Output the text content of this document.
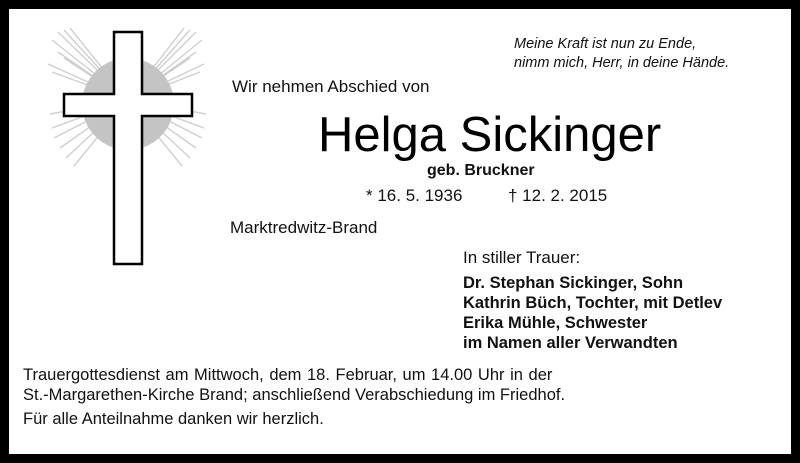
Meine Kraft ist nun zu Ende,
nimm mich, Herr, in deine Hände.
Wir nehmen Abschied von
Helga Sickinger
geb. Bruckner
* 16. 5. 1936	† 12. 2. 2015
Marktredwitz-Brand
In stiller Trauer:
Dr. Stephan Sickinger, Sohn
Kathrin Büch, Tochter, mit Detlev
Erika Mühle, Schwester
im Namen aller Verwandten
Trauergottesdienst am Mittwoch, dem 18. Februar, um 14.00 Uhr in der
St.-Margarethen-Kirche Brand; anschließend Verabschiedung im Friedhof.
Für alle Anteilnahme danken wir herzlich.
